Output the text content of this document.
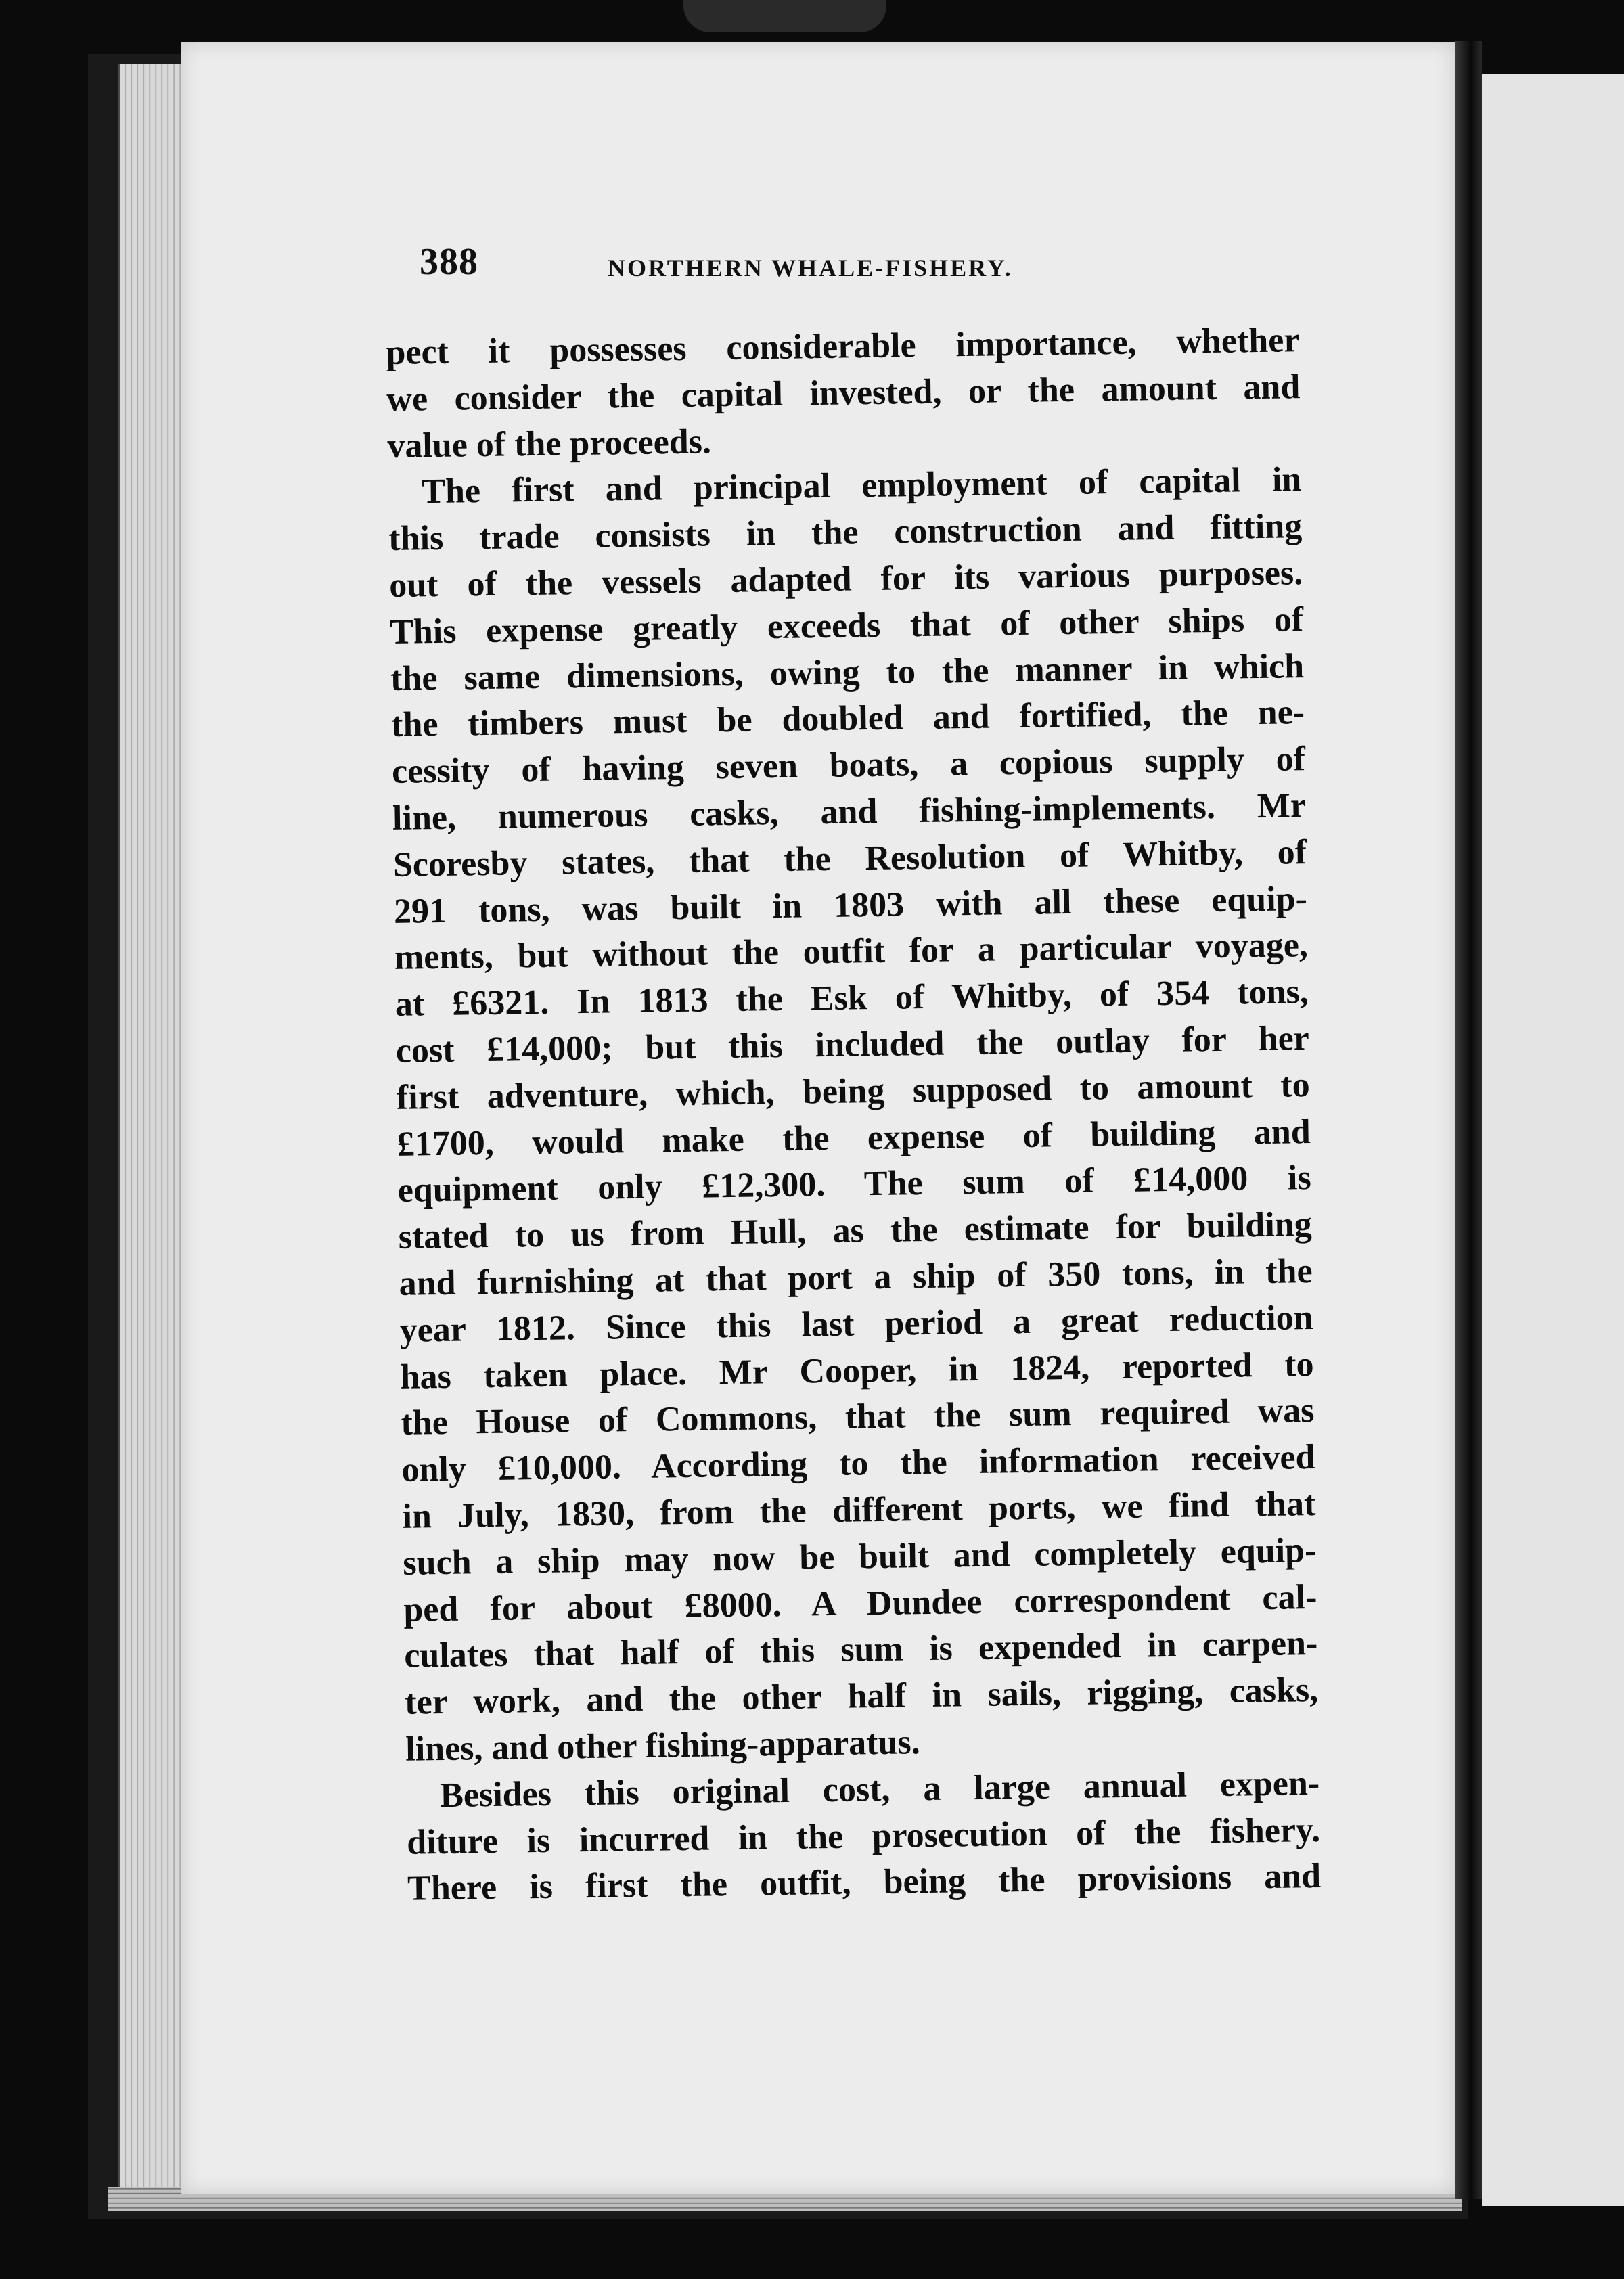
388	NORTHERN WHALE-FISHERY.
pect it possesses considerable importance, whether
we consider the capital invested, or the amount and
value of the proceeds.
The first and principal employment of capital in
this trade consists in the construction and fitting
out of the vessels adapted for its various purposes.
This expense greatly exceeds that of other ships of
the same dimensions, owing to the manner in which
the timbers must be doubled and fortified, the ne-
cessity of having seven boats, a copious supply of
line, numerous casks, and fishing-implements. Mr
Scoresby states, that the Resolution of Whitby, of
291 tons, was built in 1803 with all these equip-
ments, but without the outfit for a particular voyage,
at £6321. In 1813 the Esk of Whitby, of 354 tons,
cost £14,000; but this included the outlay for her
first adventure, which, being supposed to amount to
£1700, would make the expense of building and
equipment only £12,300. The sum of £14,000 is
stated to us from Hull, as the estimate for building
and furnishing at that port a ship of 350 tons, in the
year 1812. Since this last period a great reduction
has taken place. Mr Cooper, in 1824, reported to
the House of Commons, that the sum required was
only £10,000. According to the information received
in July, 1830, from the different ports, we find that
such a ship may now be built and completely equip-
ped for about £8000. A Dundee correspondent cal-
culates that half of this sum is expended in carpen-
ter work, and the other half in sails, rigging, casks,
lines, and other fishing-apparatus.
Besides this original cost, a large annual expen-
diture is incurred in the prosecution of the fishery.
There is first the outfit, being the provisions and
